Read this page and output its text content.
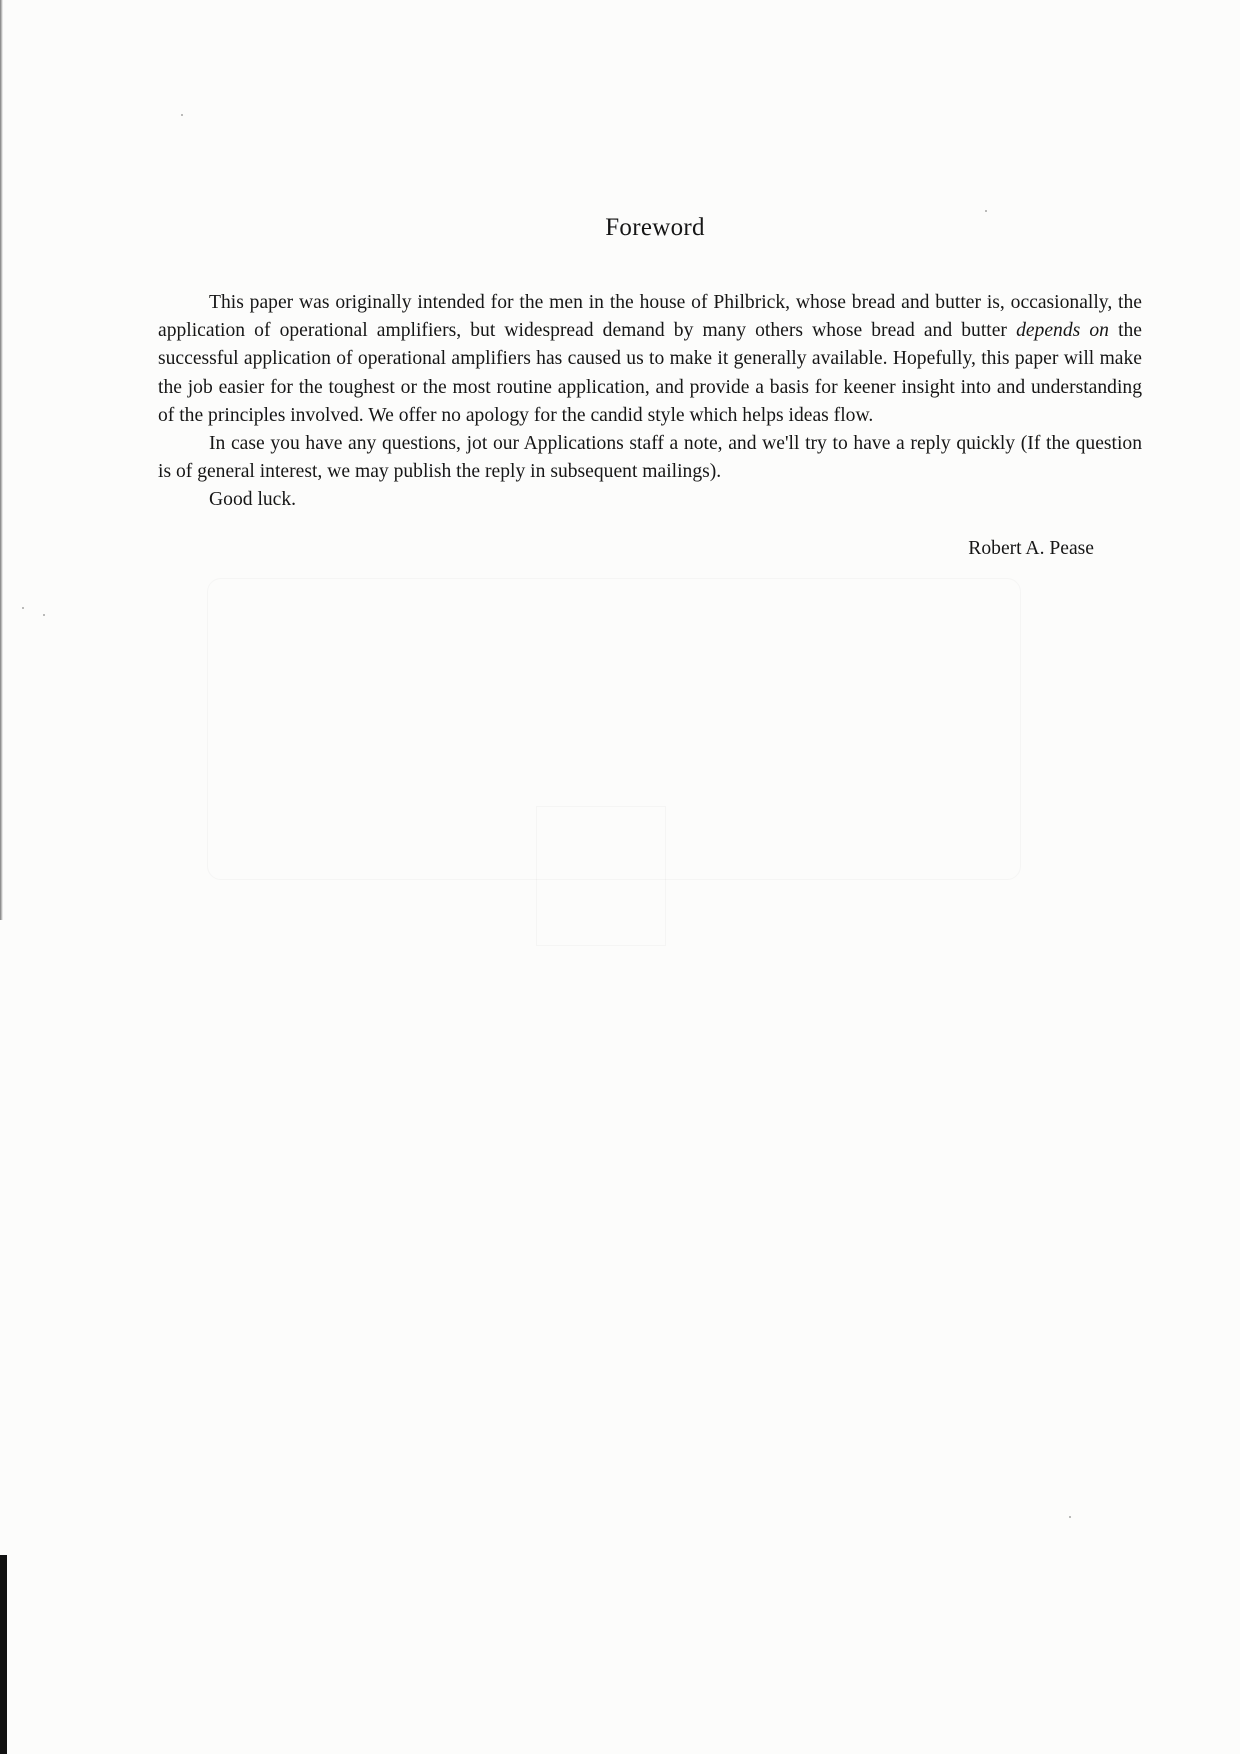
Foreword

This paper was originally intended for the men in the house of Philbrick, whose bread and butter is, occasionally, the application of operational amplifiers, but widespread demand by many others whose bread and butter depends on the successful application of operational amplifiers has caused us to make it generally available. Hopefully, this paper will make the job easier for the toughest or the most routine application, and provide a basis for keener insight into and understanding of the principles involved. We offer no apology for the candid style which helps ideas flow.

In case you have any questions, jot our Applications staff a note, and we'll try to have a reply quickly (If the question is of general interest, we may publish the reply in subsequent mailings).

Good luck.

Robert A. Pease
